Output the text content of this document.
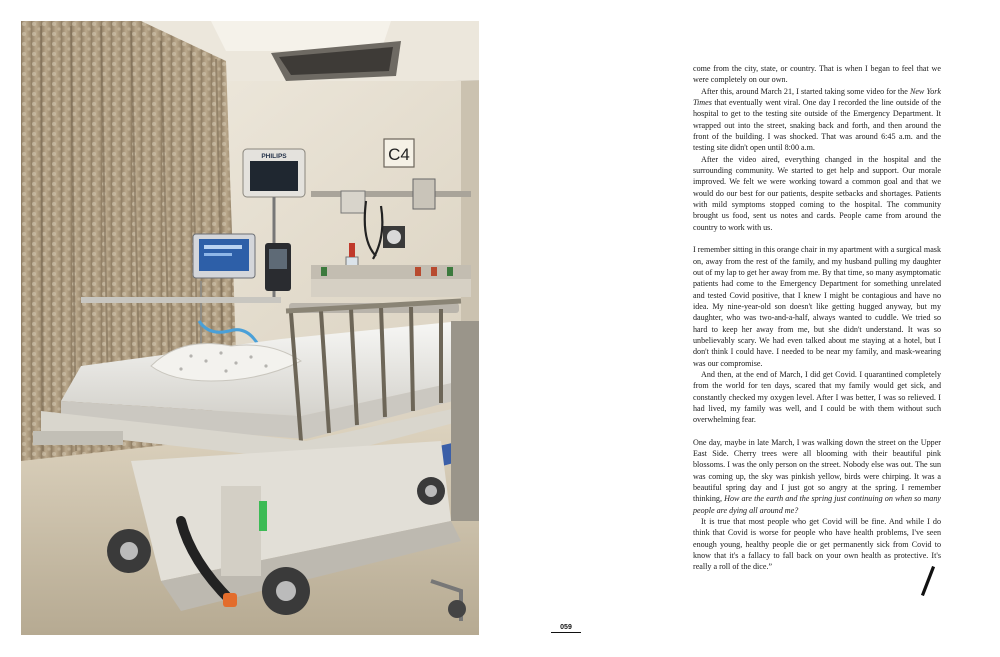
C4
PHILIPS
059

come from the city, state, or country. That is when I began to feel that we were completely on our own.

After this, around March 21, I started taking some video for the New York Times that eventually went viral. One day I recorded the line outside of the hospital to get to the testing site outside of the Emergency Department. It wrapped out into the street, snaking back and forth, and then around the front of the building. I was shocked. That was around 6:45 a.m. and the testing site didn't open until 8:00 a.m.

After the video aired, everything changed in the hospital and the surrounding community. We started to get help and support. Our morale improved. We felt we were working toward a common goal and that we would do our best for our patients, despite setbacks and shortages. Patients with mild symptoms stopped coming to the hospital. The community brought us food, sent us notes and cards. People came from around the country to work with us.

I remember sitting in this orange chair in my apartment with a surgical mask on, away from the rest of the family, and my husband pulling my daughter out of my lap to get her away from me. By that time, so many asymptomatic patients had come to the Emergency Department for something unrelated and tested Covid positive, that I knew I might be contagious and have no idea. My nine-year-old son doesn't like getting hugged anyway, but my daughter, who was two-and-a-half, always wanted to cuddle. We tried so hard to keep her away from me, but she didn't understand. It was so unbelievably scary. We had even talked about me staying at a hotel, but I don't think I could have. I needed to be near my family, and mask-wearing was our compromise.

And then, at the end of March, I did get Covid. I quarantined completely from the world for ten days, scared that my family would get sick, and constantly checked my oxygen level. After I was better, I was so relieved. I had lived, my family was well, and I could be with them without such overwhelming fear.

One day, maybe in late March, I was walking down the street on the Upper East Side. Cherry trees were all blooming with their beautiful pink blossoms. I was the only person on the street. Nobody else was out. The sun was coming up, the sky was pinkish yellow, birds were chirping. It was a beautiful spring day and I just got so angry at the spring. I remember thinking, How are the earth and the spring just continuing on when so many people are dying all around me?

It is true that most people who get Covid will be fine. And while I do think that Covid is worse for people who have health problems, I've seen enough young, healthy people die or get permanently sick from Covid to know that it's a fallacy to fall back on your own health as protective. It's really a roll of the dice.”
